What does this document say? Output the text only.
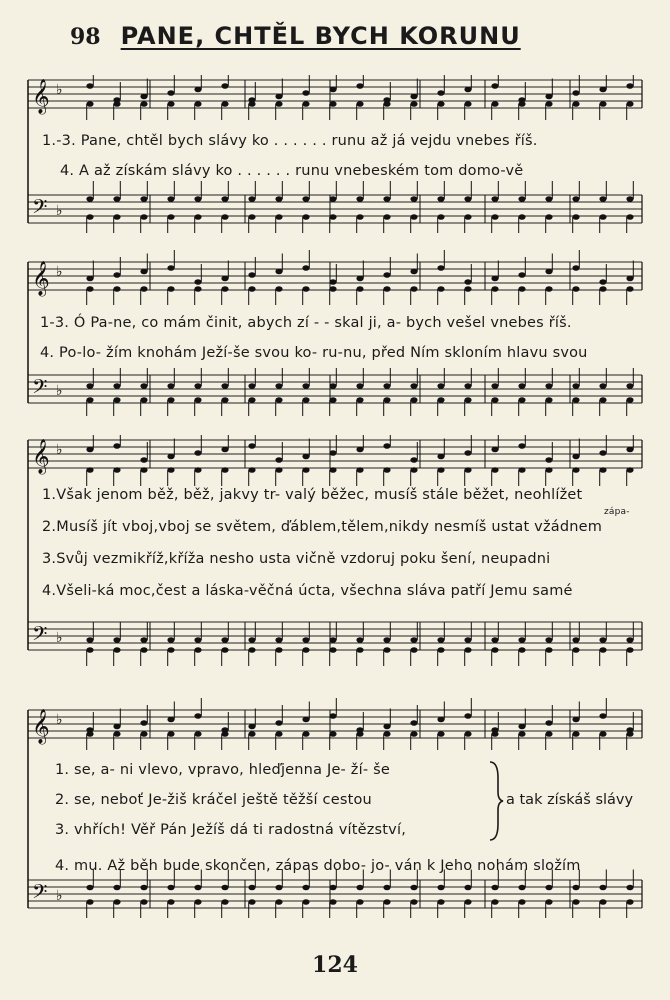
98 PANE, CHTĚL BYCH KORUNU
𝄞 ♭
𝄢 ♭
1.-3. Pane, chtěl bych slávy ko . . . . . . runu až já vejdu vnebes říš.
4. A až získám slávy ko . . . . . . runu vnebeském tom domo-vě
𝄞 ♭
𝄢 ♭
1-3. Ó Pa-ne, co mám činit, abych zí - - skal ji, a- bych vešel vnebes říš.
4. Po-lo- žím knohám Ježí-še svou ko- ru-nu, před Ním skloním hlavu svou
𝄞 ♭
𝄢 ♭
1.Však jenom běž, běž, jakvy tr- valý běžec, musíš stále běžet, neohlížet
zápa-
2.Musíš jít vboj,vboj se světem, ďáblem,tělem,nikdy nesmíš ustat vžádnem
3.Svůj vezmikříž,kříža nesho usta vičně vzdoruj poku šení, neupadni
4.Všeli-ká moc,čest a láska-věčná úcta, všechna sláva patří Jemu samé
𝄞 ♭
𝄢 ♭
1. se, a- ni vlevo, vpravo, hleďjenna Je- ží- še
2. se, neboť Je-žiš kráčel ještě těžší cestou
3. vhřích! Věř Pán Ježíš dá ti radostná vítězství,
a tak získáš slávy
4. mu. Až běh bude skončen, zápas dobo- jo- ván k Jeho nohám složím
124
